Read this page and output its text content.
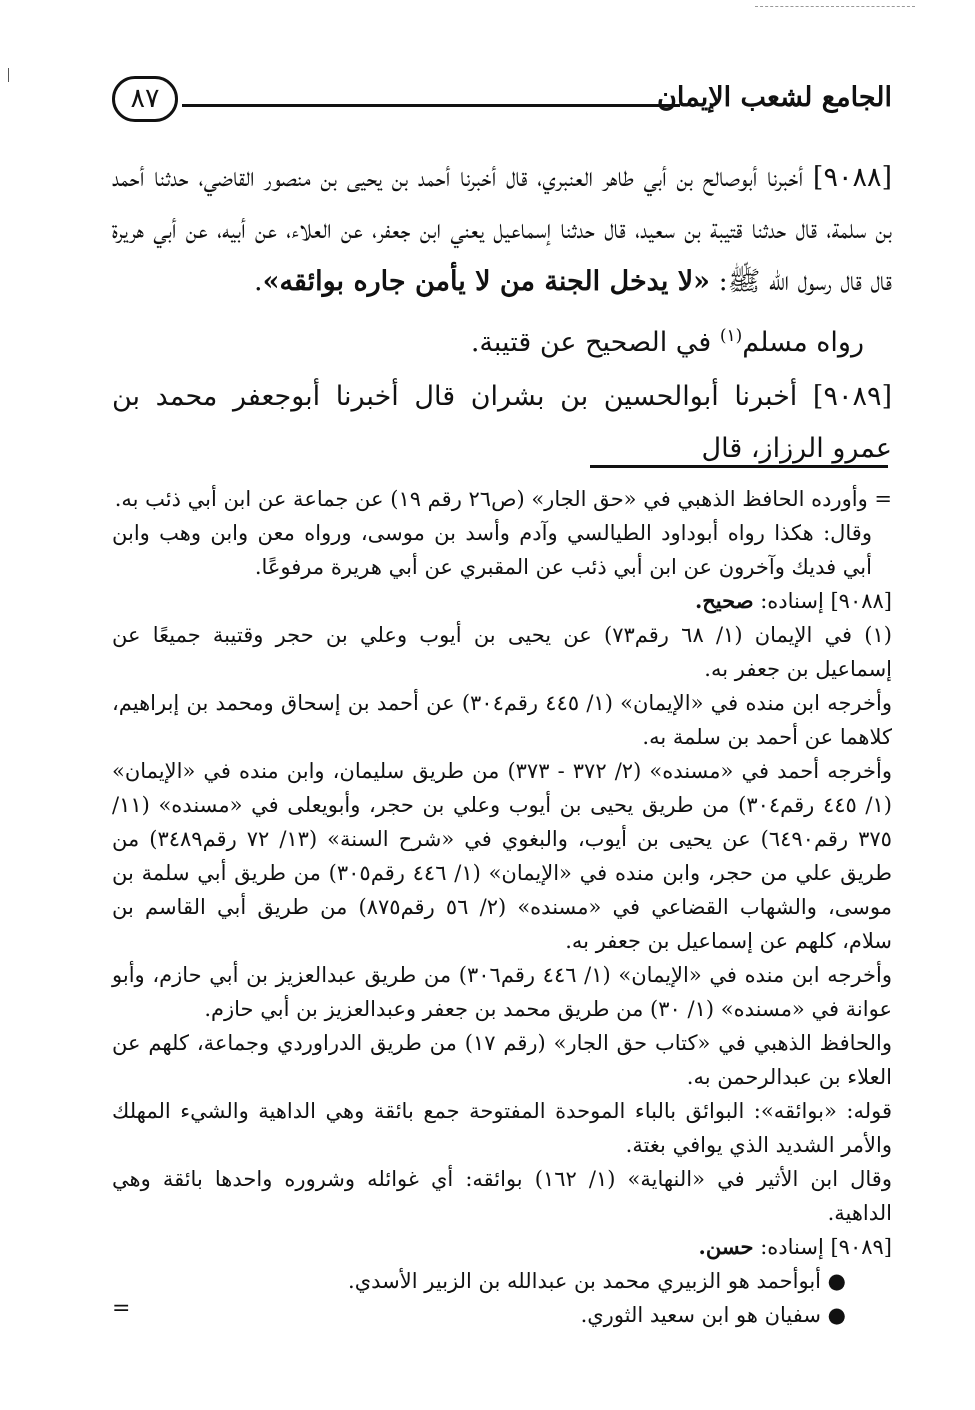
الجامع لشعب الإيمان
٨٧

[٩٠٨٨] أخبرنا أبوصالح بن أبي طاهر العنبري، قال أخبرنا أحمد بن يحيى بن منصور القاضي، حدثنا أحمد بن سلمة، قال حدثنا قتيبة بن سعيد، قال حدثنا إسماعيل يعني ابن جعفر، عن العلاء، عن أبيه، عن أبي هريرة قال قال رسول الله ﷺ: «لا يدخل الجنة من لا يأمن جاره بوائقه».

رواه مسلم$^{(١)}$ في الصحيح عن قتيبة.

[٩٠٨٩] أخبرنا أبوالحسين بن بشران قال أخبرنا أبوجعفر محمد بن عمرو الرزاز، قال

= وأورده الحافظ الذهبي في «حق الجار» (ص٢٦ رقم ١٩) عن جماعة عن ابن أبي ذئب به.

وقال: هكذا رواه أبوداود الطيالسي وآدم وأسد بن موسى، ورواه معن وابن وهب وابن أبي فديك وآخرون عن ابن أبي ذئب عن المقبري عن أبي هريرة مرفوعًا.

[٩٠٨٨] إسناده: صحيح.

(١) في الإيمان (١/ ٦٨ رقم٧٣) عن يحيى بن أيوب وعلي بن حجر وقتيبة جميعًا عن إسماعيل بن جعفر به.

وأخرجه ابن منده في «الإيمان» (١/ ٤٤٥ رقم٣٠٤) عن أحمد بن إسحاق ومحمد بن إبراهيم، كلاهما عن أحمد بن سلمة به.

وأخرجه أحمد في «مسنده» (٢/ ٣٧٢ - ٣٧٣) من طريق سليمان، وابن منده في «الإيمان» (١/ ٤٤٥ رقم٣٠٤) من طريق يحيى بن أيوب وعلي بن حجر، وأبويعلى في «مسنده» (١١/ ٣٧٥ رقم٦٤٩٠) عن يحيى بن أيوب، والبغوي في «شرح السنة» (١٣/ ٧٢ رقم٣٤٨٩) من طريق علي من حجر، وابن منده في «الإيمان» (١/ ٤٤٦ رقم٣٠٥) من طريق أبي سلمة بن موسى، والشهاب القضاعي في «مسنده» (٢/ ٥٦ رقم٨٧٥) من طريق أبي القاسم بن سلام، كلهم عن إسماعيل بن جعفر به.

وأخرجه ابن منده في «الإيمان» (١/ ٤٤٦ رقم٣٠٦) من طريق عبدالعزيز بن أبي حازم، وأبو عوانة في «مسنده» (١/ ٣٠) من طريق محمد بن جعفر وعبدالعزيز بن أبي حازم.

والحافظ الذهبي في «كتاب حق الجار» (رقم ١٧) من طريق الدراوردي وجماعة، كلهم عن العلاء بن عبدالرحمن به.

قوله: «بوائقه»: البوائق بالباء الموحدة المفتوحة جمع بائقة وهي الداهية والشيء المهلك والأمر الشديد الذي يوافي بغتة.

وقال ابن الأثير في «النهاية» (١/ ١٦٢) بوائقه: أي غوائله وشروره واحدها بائقة وهي الداهية.

[٩٠٨٩] إسناده: حسن.

● أبوأحمد هو الزبيري محمد بن عبدالله بن الزبير الأسدي.

● سفيان هو ابن سعيد الثوري.

=
